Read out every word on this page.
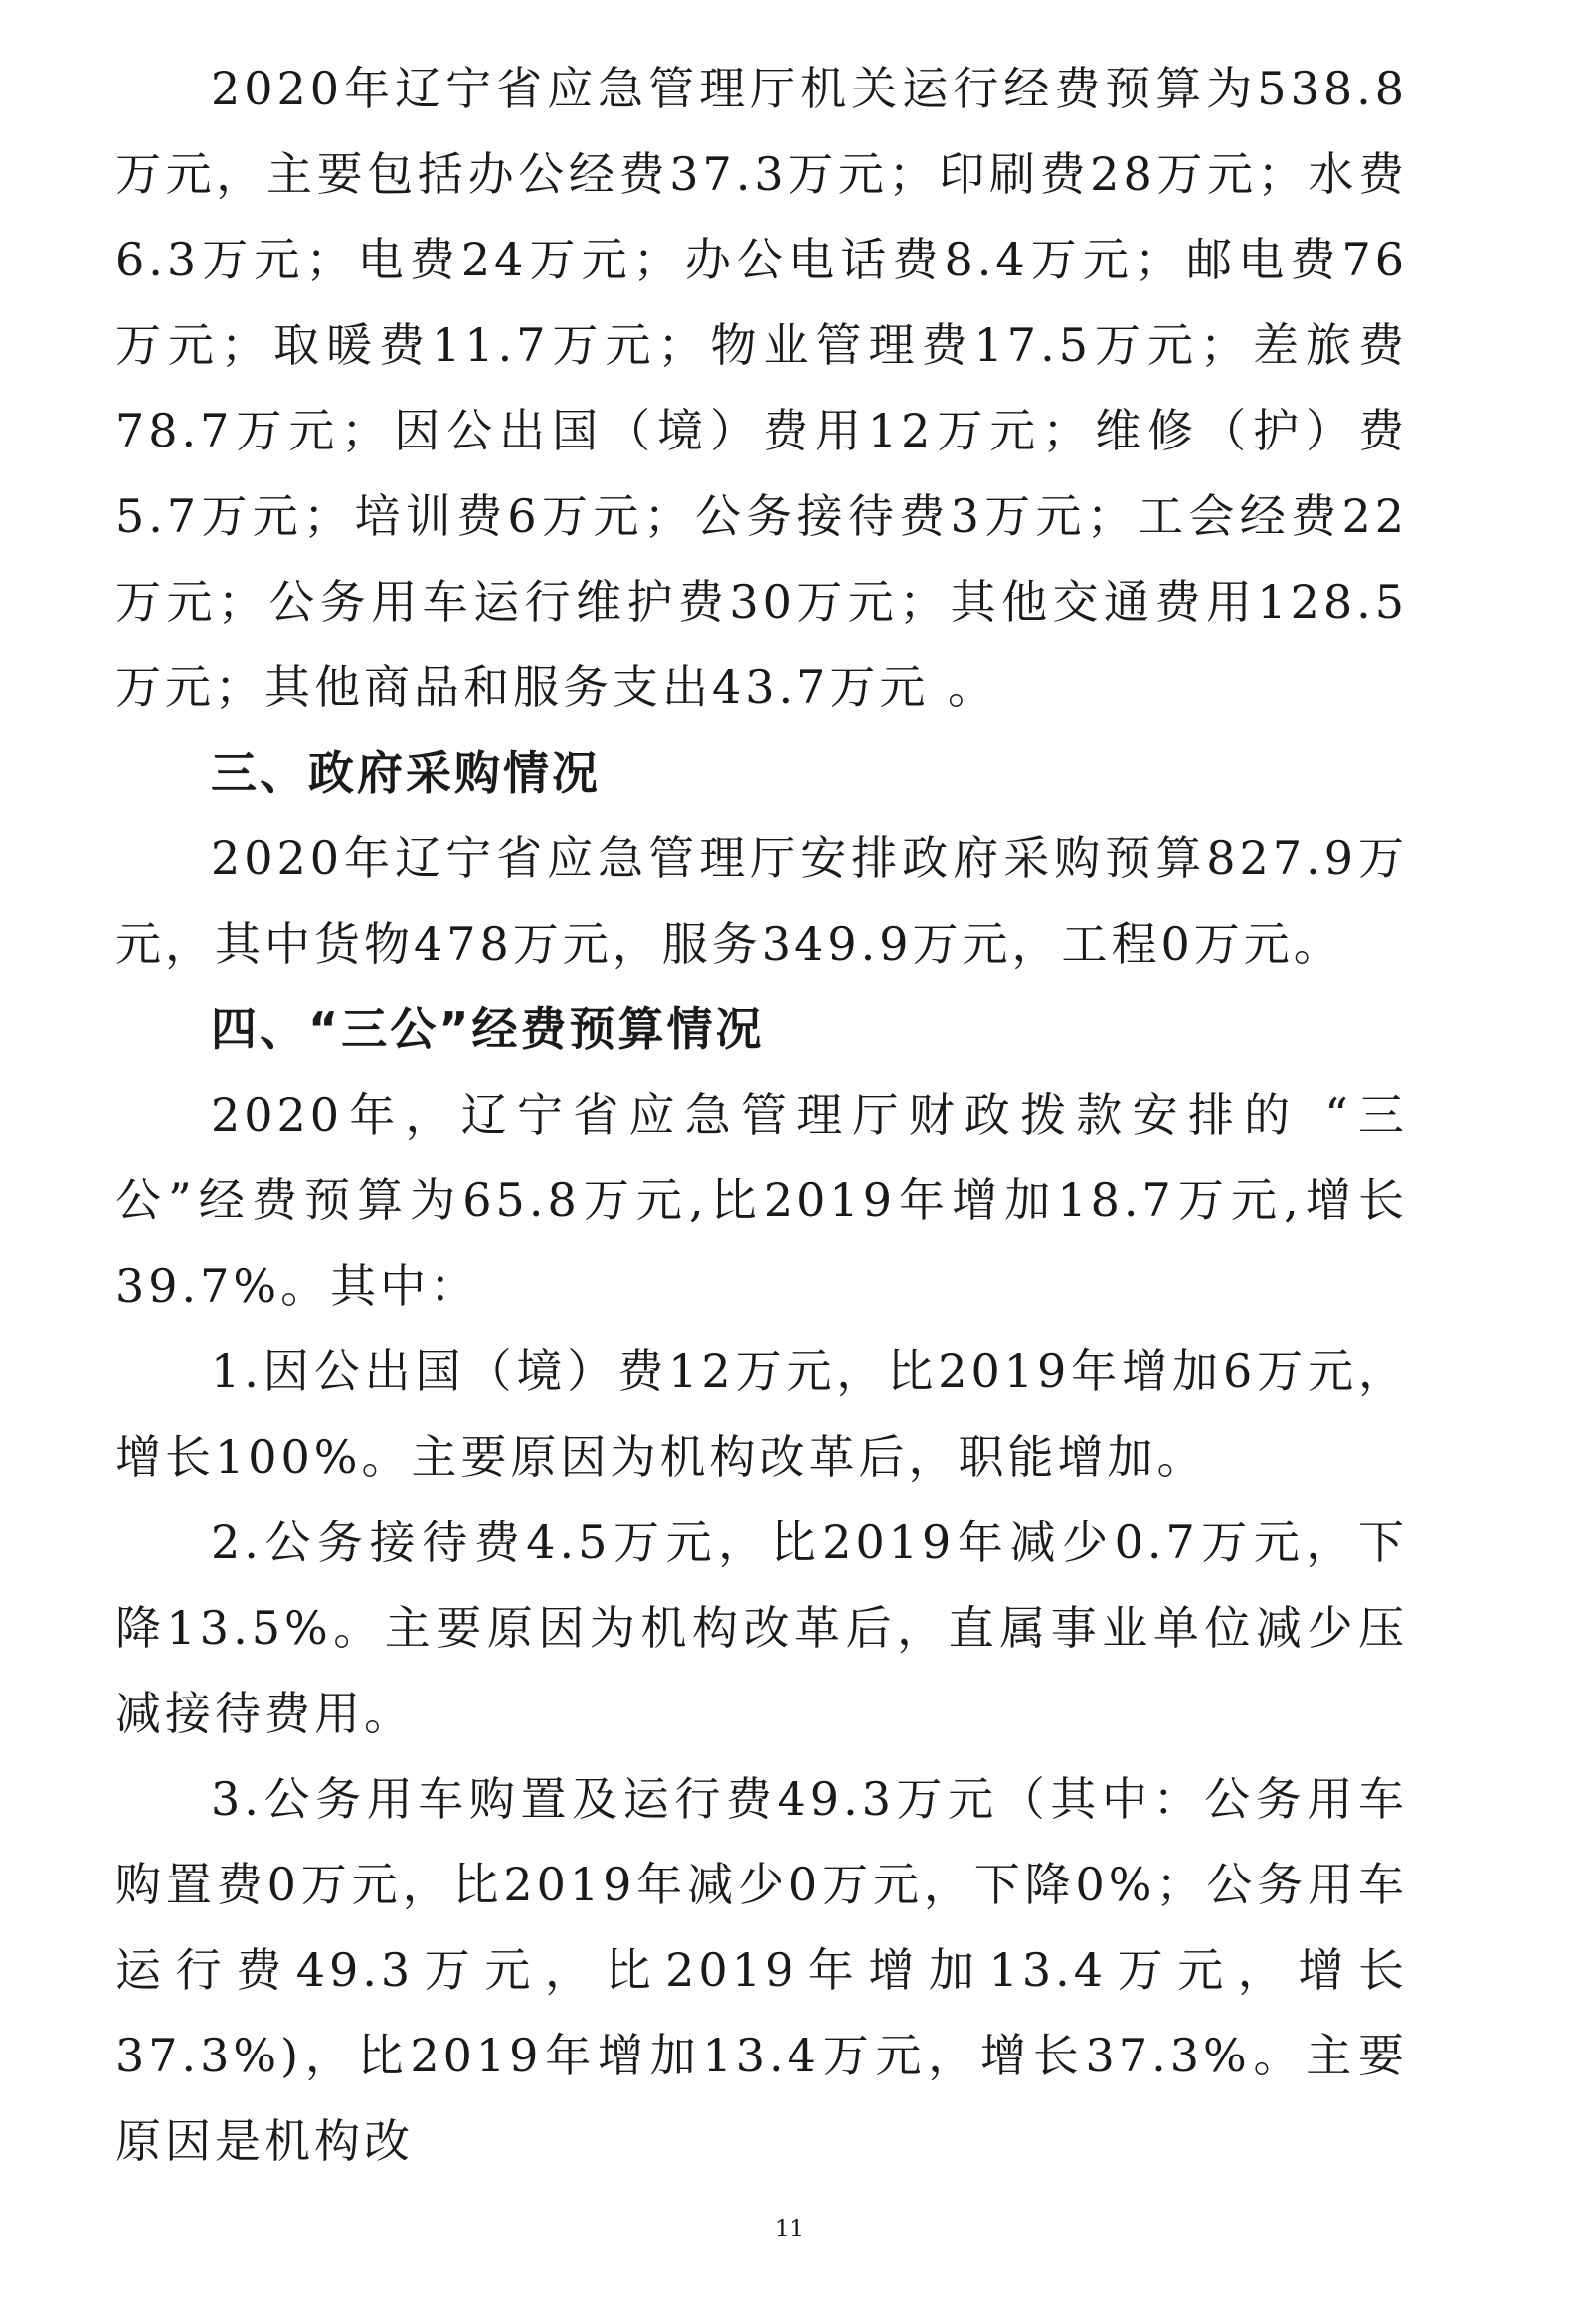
2020年辽宁省应急管理厅机关运行经费预算为538.8万元，主要包括办公经费37.3万元；印刷费28万元；水费6.3万元；电费24万元；办公电话费8.4万元；邮电费76万元；取暖费11.7万元；物业管理费17.5万元；差旅费78.7万元；因公出国（境）费用12万元；维修（护）费5.7万元；培训费6万元；公务接待费3万元；工会经费22万元；公务用车运行维护费30万元；其他交通费用128.5万元；其他商品和服务支出43.7万元 。

三、政府采购情况

2020年辽宁省应急管理厅安排政府采购预算827.9万元，其中货物478万元，服务349.9万元，工程0万元。

四、“三公”经费预算情况

2020年，辽宁省应急管理厅财政拨款安排的 “三公”经费预算为65.8万元,比2019年增加18.7万元,增长39.7%。其中：

1.因公出国（境）费12万元，比2019年增加6万元，增长100%。主要原因为机构改革后，职能增加。

2.公务接待费4.5万元，比2019年减少0.7万元，下降13.5%。主要原因为机构改革后，直属事业单位减少压减接待费用。

3.公务用车购置及运行费49.3万元（其中：公务用车购置费0万元，比2019年减少0万元，下降0%；公务用车运行费49.3万元，比2019年增加13.4万元，增长37.3%)，比2019年增加13.4万元，增长37.3%。主要原因是机构改

11
